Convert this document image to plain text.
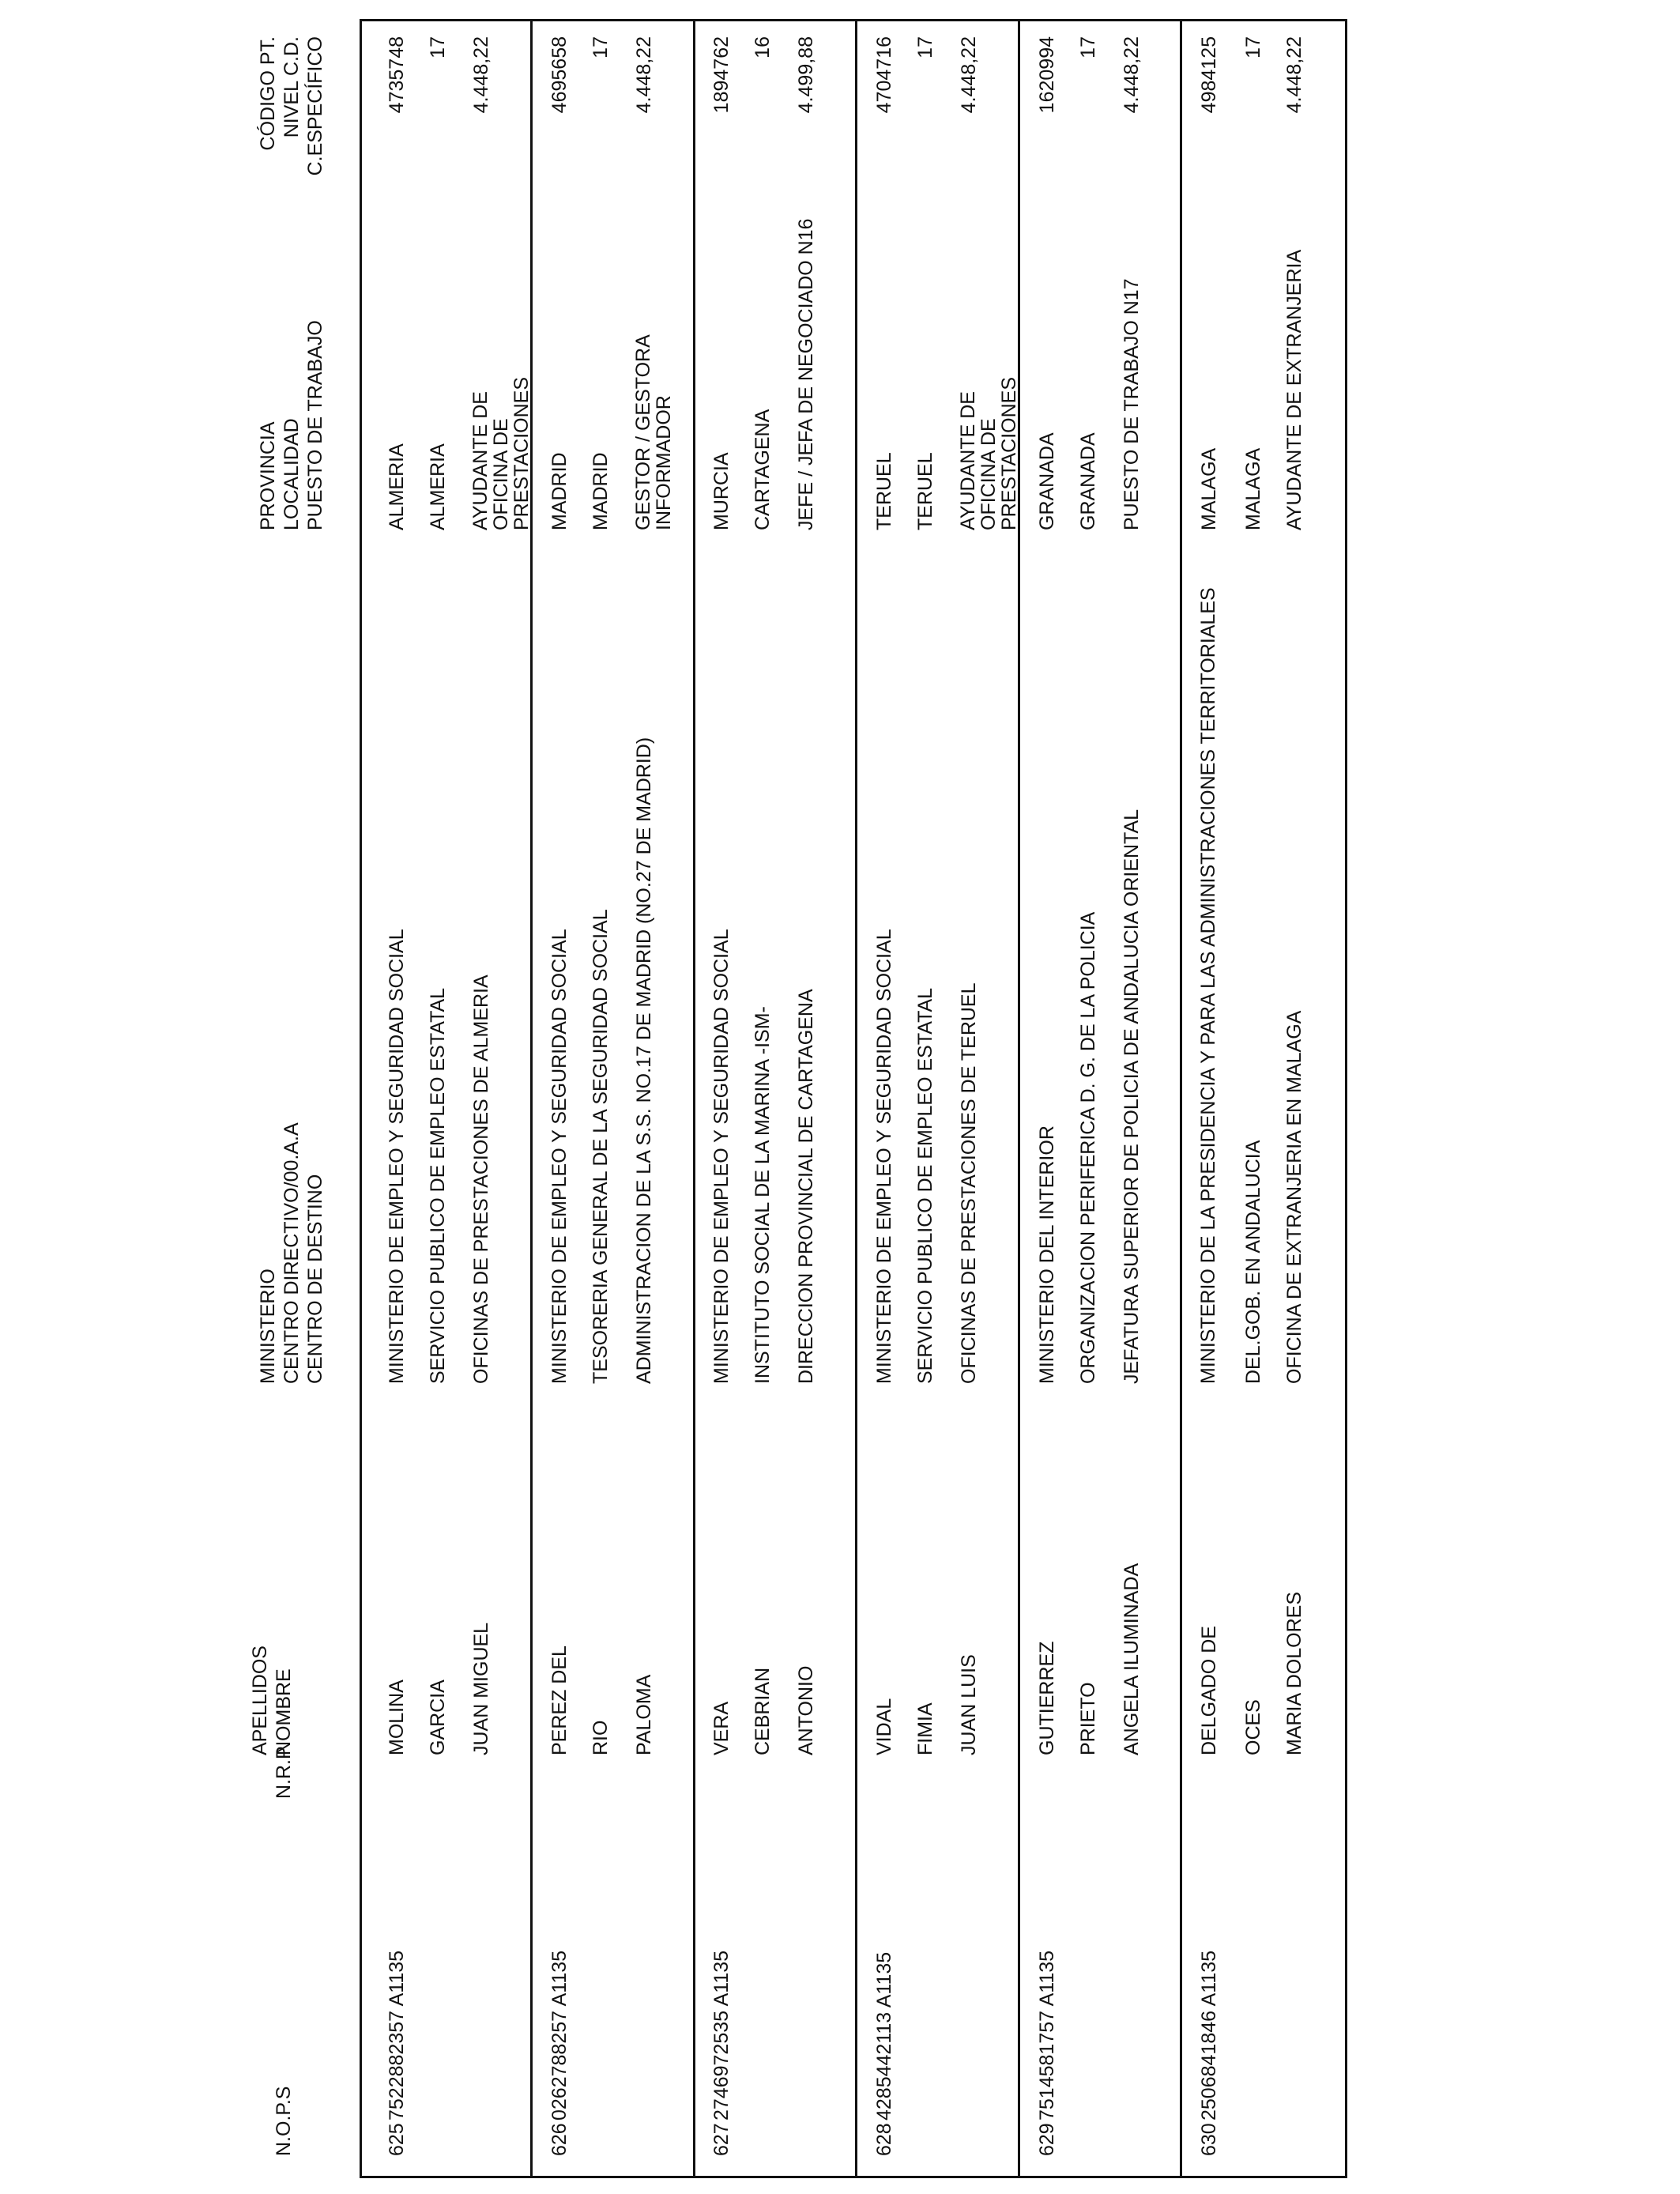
N.O.P.S
N.R.P
APELLIDOS NOMBRE
MINISTERIO CENTRO DIRECTIVO/00.A.A CENTRO DE DESTINO
PROVINCIA LOCALIDAD PUESTO DE TRABAJO
CÓDIGO PT. NIVEL C.D. C.ESPECÍFICO
625
7522882357 A1135
MOLINA GARCIA JUAN MIGUEL
MINISTERIO DE EMPLEO Y SEGURIDAD SOCIAL SERVICIO PUBLICO DE EMPLEO ESTATAL OFICINAS DE PRESTACIONES DE ALMERIA
ALMERIA ALMERIA AYUDANTE DE OFICINA DE PRESTACIONES
4735748 17 4.448,22
626
0262788257 A1135
PEREZ DEL RIO PALOMA
MINISTERIO DE EMPLEO Y SEGURIDAD SOCIAL TESORERIA GENERAL DE LA SEGURIDAD SOCIAL ADMINISTRACION DE LA S.S. NO.17 DE MADRID (NO.27 DE MADRID)
MADRID MADRID GESTOR / GESTORA INFORMADOR
4695658 17 4.448,22
627
2746972535 A1135
VERA CEBRIAN ANTONIO
MINISTERIO DE EMPLEO Y SEGURIDAD SOCIAL INSTITUTO SOCIAL DE LA MARINA -ISM- DIRECCION PROVINCIAL DE CARTAGENA
MURCIA CARTAGENA JEFE / JEFA DE NEGOCIADO N16
1894762 16 4.499,88
628
4285442113 A1135
VIDAL FIMIA JUAN LUIS
MINISTERIO DE EMPLEO Y SEGURIDAD SOCIAL SERVICIO PUBLICO DE EMPLEO ESTATAL OFICINAS DE PRESTACIONES DE TERUEL
TERUEL TERUEL AYUDANTE DE OFICINA DE PRESTACIONES
4704716 17 4.448,22
629
7514581757 A1135
GUTIERREZ PRIETO ANGELA ILUMINADA
MINISTERIO DEL INTERIOR ORGANIZACION PERIFERICA D. G. DE LA POLICIA JEFATURA SUPERIOR DE POLICIA DE ANDALUCIA ORIENTAL
GRANADA GRANADA PUESTO DE TRABAJO N17
1620994 17 4.448,22
630
2506841846 A1135
DELGADO DE OCES MARIA DOLORES
MINISTERIO DE LA PRESIDENCIA Y PARA LAS ADMINISTRACIONES TERRITORIALES DEL.GOB. EN ANDALUCIA OFICINA DE EXTRANJERIA EN MALAGA
MALAGA MALAGA AYUDANTE DE EXTRANJERIA
4984125 17 4.448,22
